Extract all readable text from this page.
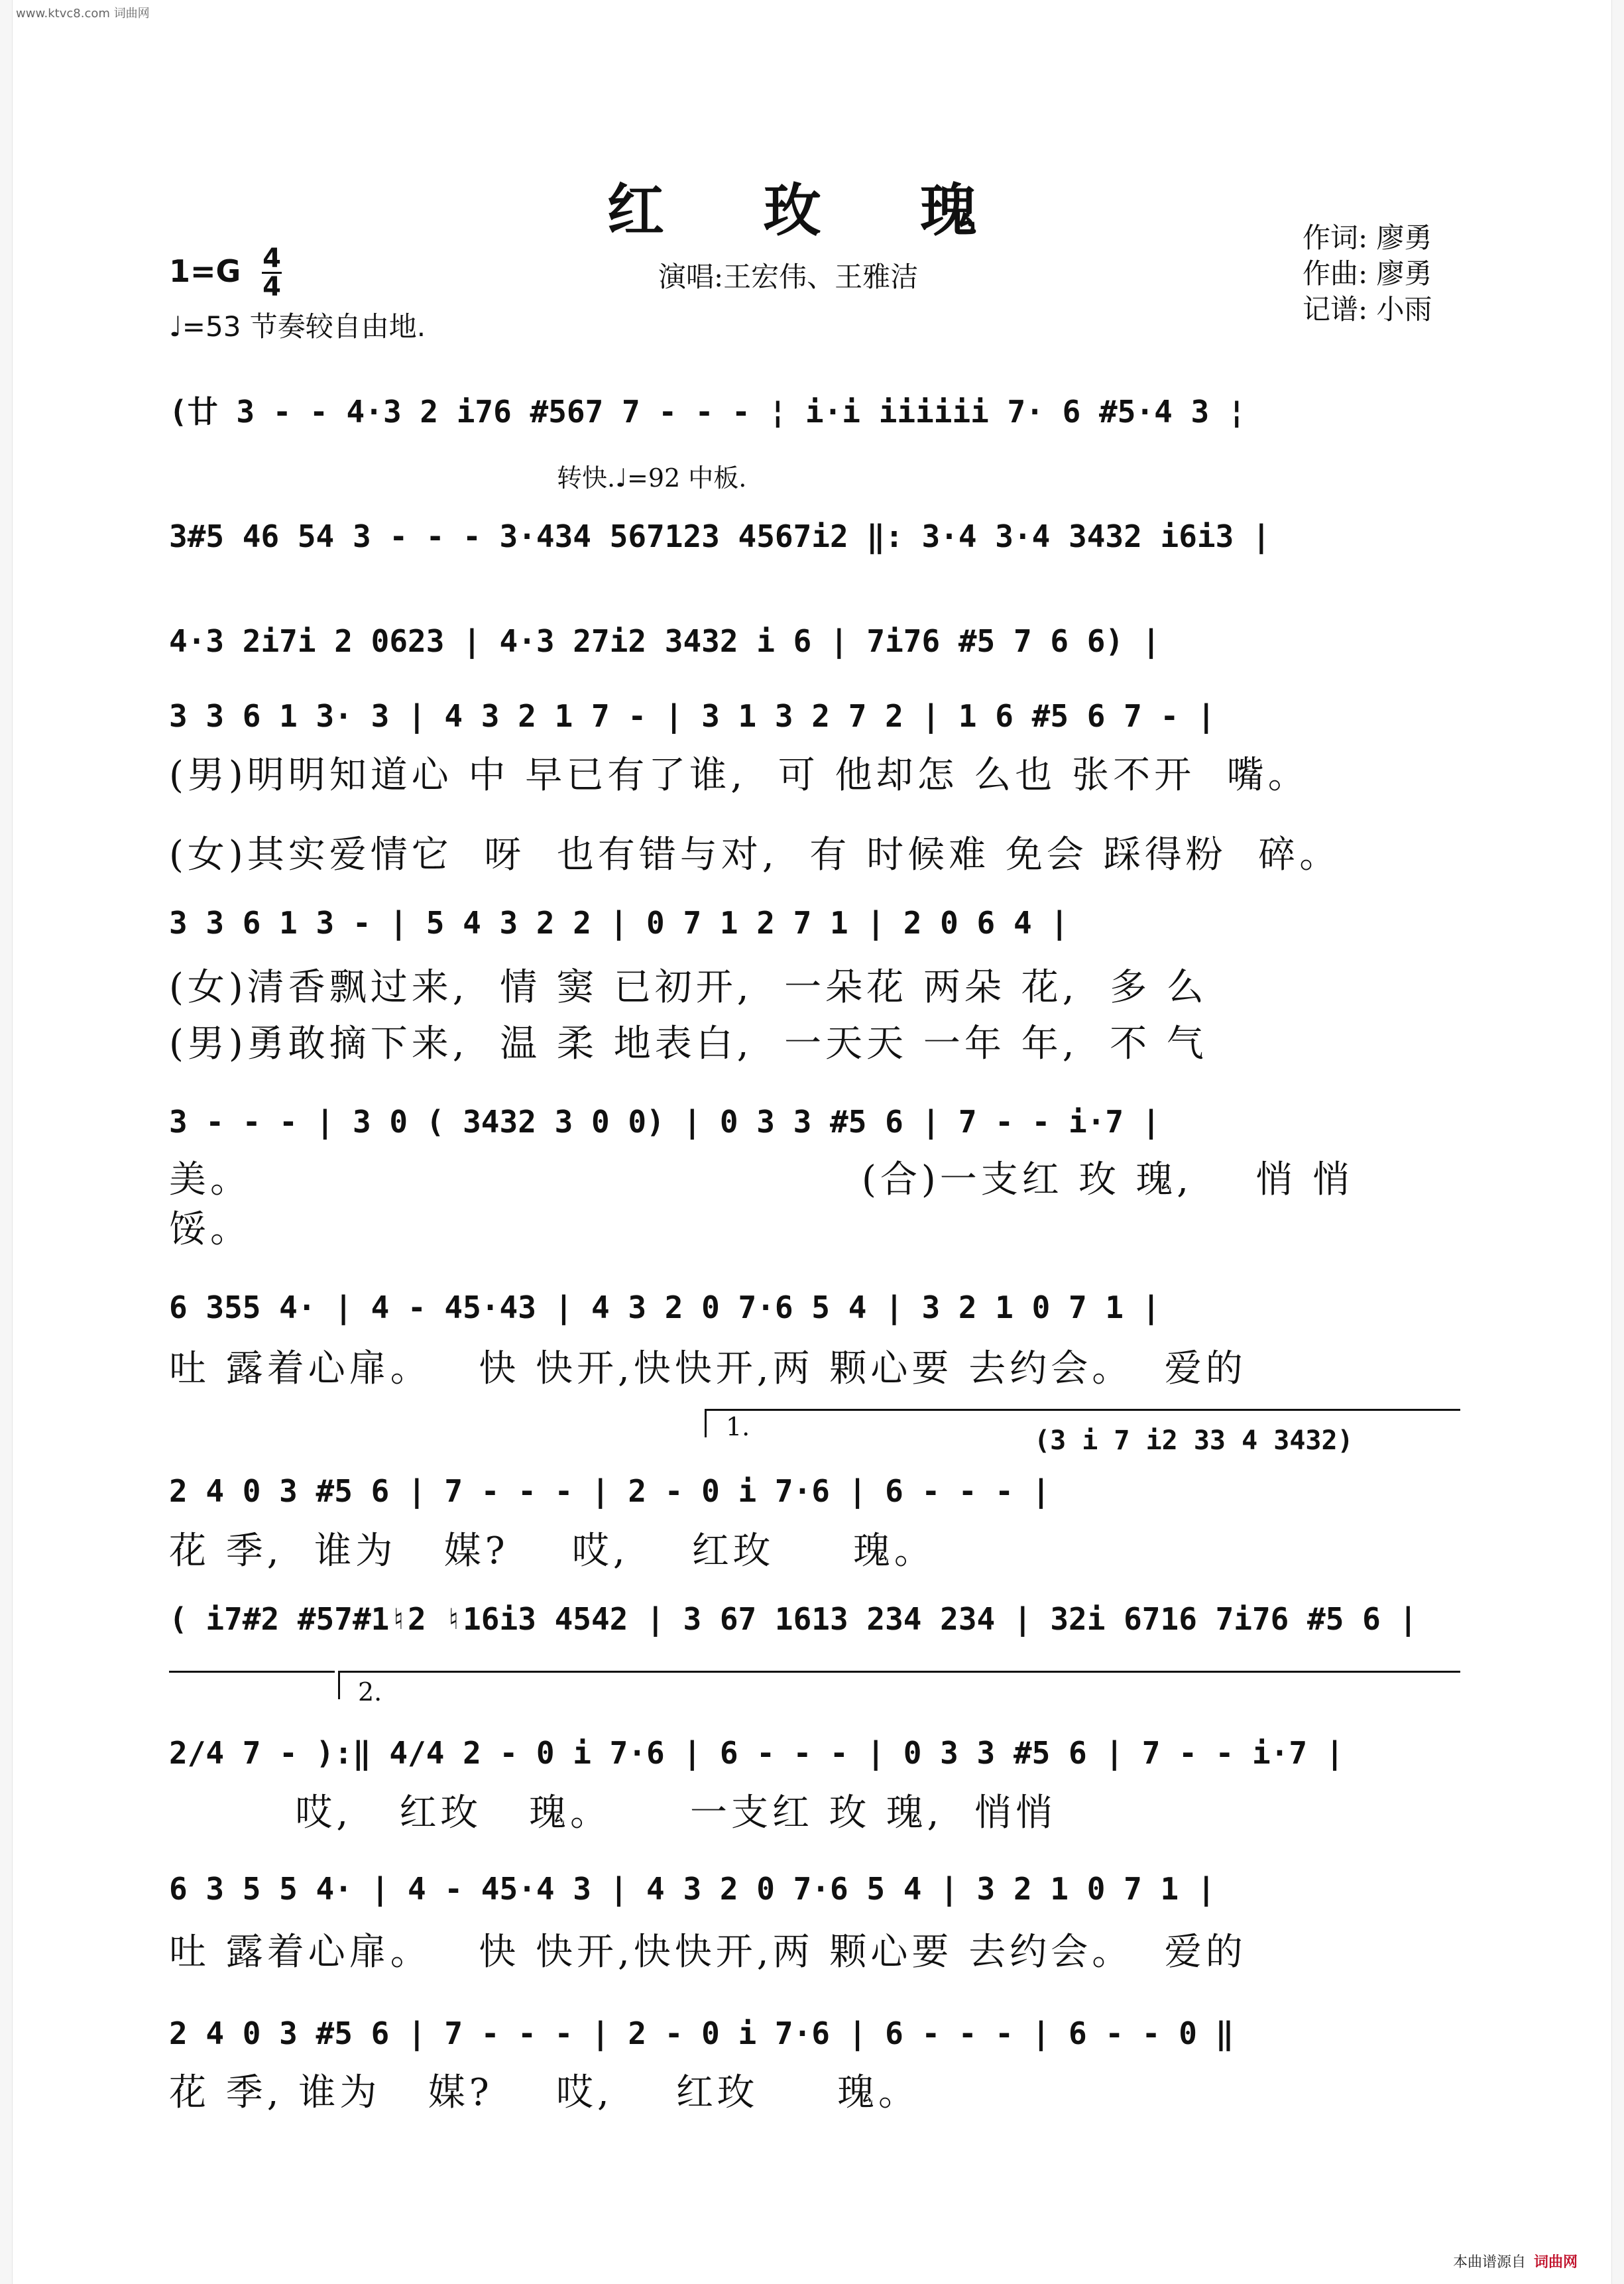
www.ktvc8.com 词曲网
红 玫 瑰
1=G 4
4
♩=53 节奏较自由地.
演唱:王宏伟、王雅洁
作词: 廖勇
作曲: 廖勇
记谱: 小雨
(廿 3 - - 4·3 2 i76 #567 7 - - - ¦ i·i iiiiii 7· 6 #5·4 3 ¦
转快.♩=92 中板.
3#5 46 54 3 - - - 3·434 567123 4567i2 ‖: 3·4 3·4 3432 i6i3 |
4·3 2i7i 2 0623 | 4·3 27i2 3432 i 6 | 7i76 #5 7 6 6) |
3 3 6 1 3· 3 | 4 3 2 1 7 - | 3 1 3 2 7 2 | 1 6 #5 6 7 - |
(男)明明知道心 中 早已有了谁,  可 他却怎 么也 张不开  嘴。
(女)其实爱情它  呀  也有错与对,  有 时候难 免会 踩得粉  碎。
3 3 6 1 3 - | 5 4 3 2 2 | 0 7 1 2 7 1 | 2 0 6 4 |
(女)清香飘过来,  情 窦 已初开,  一朵花 两朵 花,  多 么
(男)勇敢摘下来,  温 柔 地表白,  一天天 一年 年,  不 气
3 - - - | 3 0 ( 3432 3 0 0) | 0 3 3 #5 6 | 7 - - i·7 |
美。
馁。
(合)一支红 玫 瑰,    悄 悄
6 355 4· | 4 - 45·43 | 4 3 2 0 7·6 5 4 | 3 2 1 0 7 1 |
吐 露着心扉。   快 快开,快快开,两 颗心要 去约会。  爱的
1.	(3 i 7 i2 33 4 3432)
2 4 0 3 #5 6 | 7 - - - | 2 - 0 i 7·6 | 6 - - - |
花 季,  谁为   媒?    哎,    红玫     瑰。
( i7#2 #57#1♮2 ♮16i3 4542 | 3 67 1613 234 234 | 32i 6716 7i76 #5 6 |
2.
2/4 7 - ):‖ 4/4 2 - 0 i 7·6 | 6 - - - | 0 3 3 #5 6 | 7 - - i·7 |
哎,   红玫   瑰。     一支红 玫 瑰,  悄悄
6 3 5 5 4· | 4 - 45·4 3 | 4 3 2 0 7·6 5 4 | 3 2 1 0 7 1 |
吐 露着心扉。   快 快开,快快开,两 颗心要 去约会。  爱的
2 4 0 3 #5 6 | 7 - - - | 2 - 0 i 7·6 | 6 - - - | 6 - - 0 ‖
花 季, 谁为   媒?    哎,    红玫     瑰。
本曲谱源自 词曲网
